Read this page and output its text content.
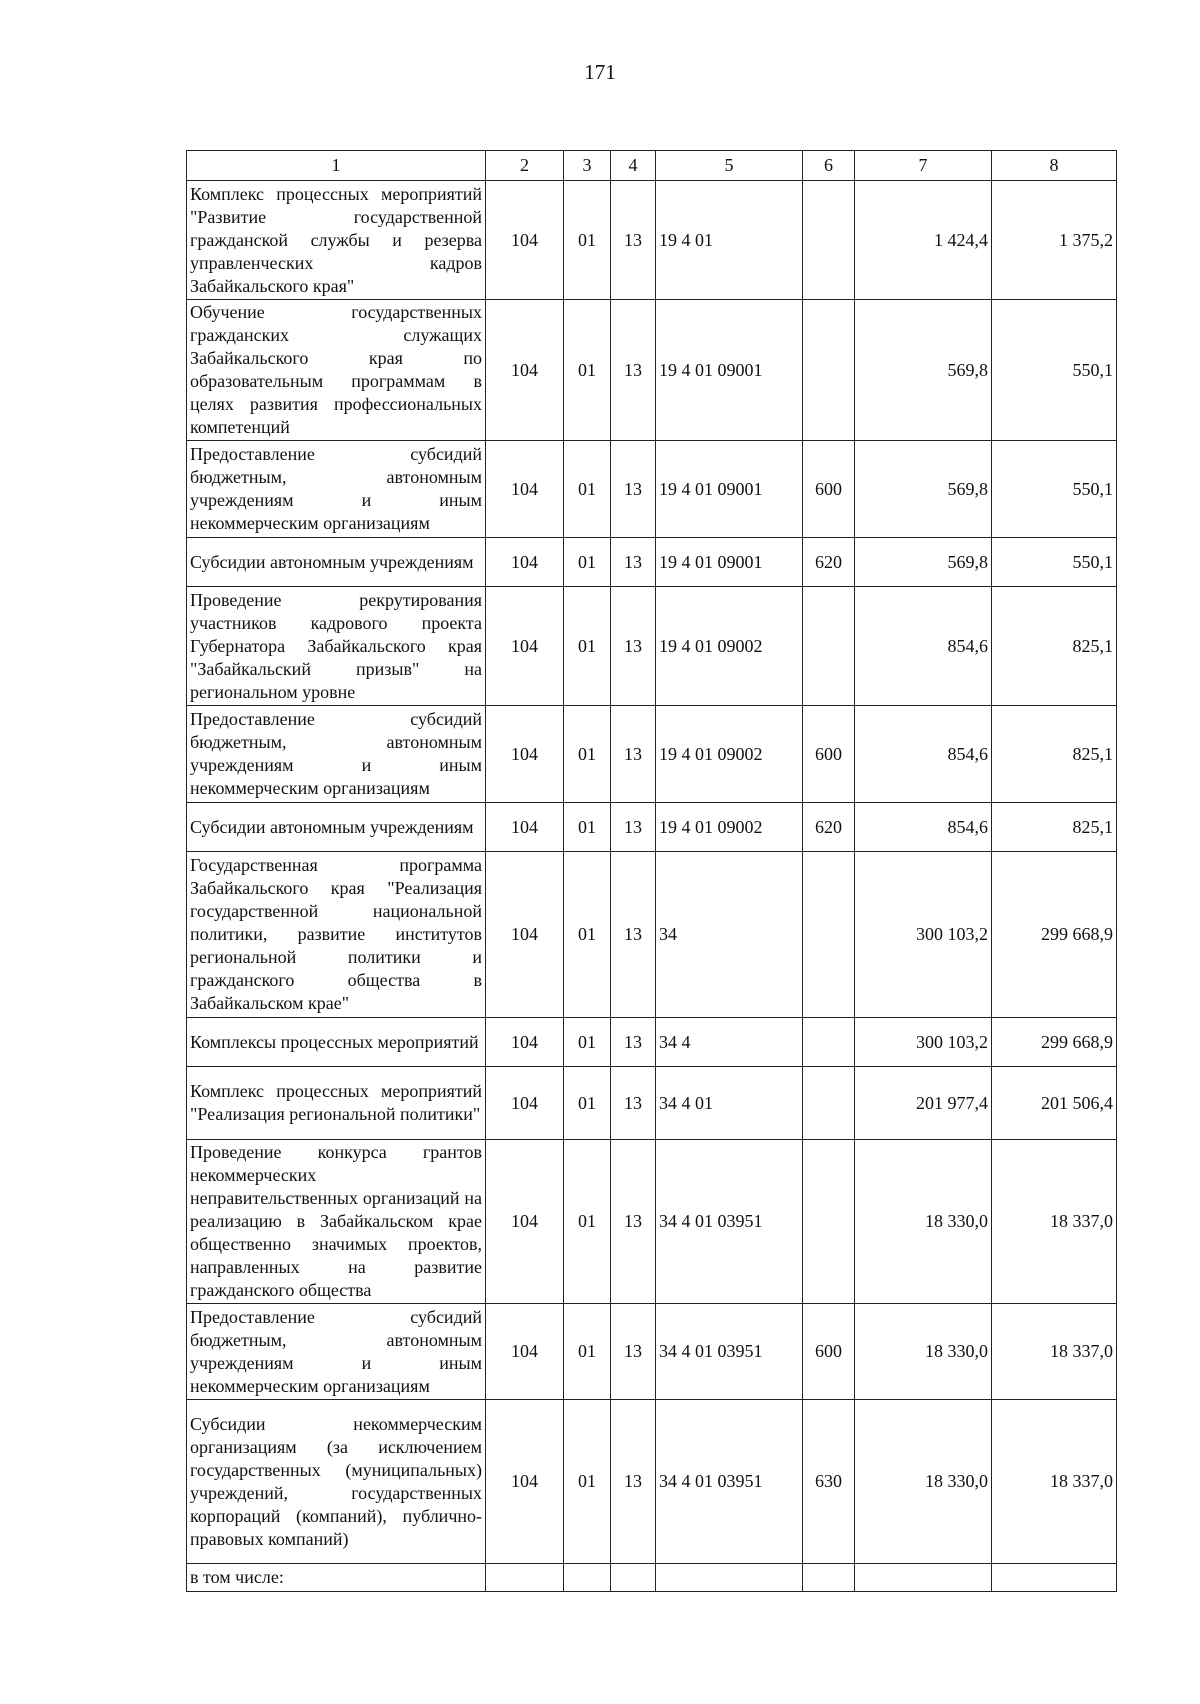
171
1	2	3	4	5	6	7	8
Комплекс процессных мероприятий "Развитие государственной гражданской службы и резерва управленческих кадров Забайкальского края"	104	01	13	19 4 01		1 424,4	1 375,2
Обучение государственных гражданских служащих Забайкальского края по образовательным программам в целях развития профессиональных компетенций	104	01	13	19 4 01 09001		569,8	550,1
Предоставление субсидий бюджетным, автономным учреждениям и иным некоммерческим организациям	104	01	13	19 4 01 09001	600	569,8	550,1
Субсидии автономным учреждениям	104	01	13	19 4 01 09001	620	569,8	550,1
Проведение рекрутирования участников кадрового проекта Губернатора Забайкальского края "Забайкальский призыв" на региональном уровне	104	01	13	19 4 01 09002		854,6	825,1
Предоставление субсидий бюджетным, автономным учреждениям и иным некоммерческим организациям	104	01	13	19 4 01 09002	600	854,6	825,1
Субсидии автономным учреждениям	104	01	13	19 4 01 09002	620	854,6	825,1
Государственная программа Забайкальского края "Реализация государственной национальной политики, развитие институтов региональной политики и гражданского общества в Забайкальском крае"	104	01	13	34		300 103,2	299 668,9
Комплексы процессных мероприятий	104	01	13	34 4		300 103,2	299 668,9
Комплекс процессных мероприятий "Реализация региональной политики"	104	01	13	34 4 01		201 977,4	201 506,4
Проведение конкурса грантов некоммерческих неправительственных организаций на реализацию в Забайкальском крае общественно значимых проектов, направленных на развитие гражданского общества	104	01	13	34 4 01 03951		18 330,0	18 337,0
Предоставление субсидий бюджетным, автономным учреждениям и иным некоммерческим организациям	104	01	13	34 4 01 03951	600	18 330,0	18 337,0
Субсидии некоммерческим организациям (за исключением государственных (муниципальных) учреждений, государственных корпораций (компаний), публично-правовых компаний)	104	01	13	34 4 01 03951	630	18 330,0	18 337,0
в том числе:							
